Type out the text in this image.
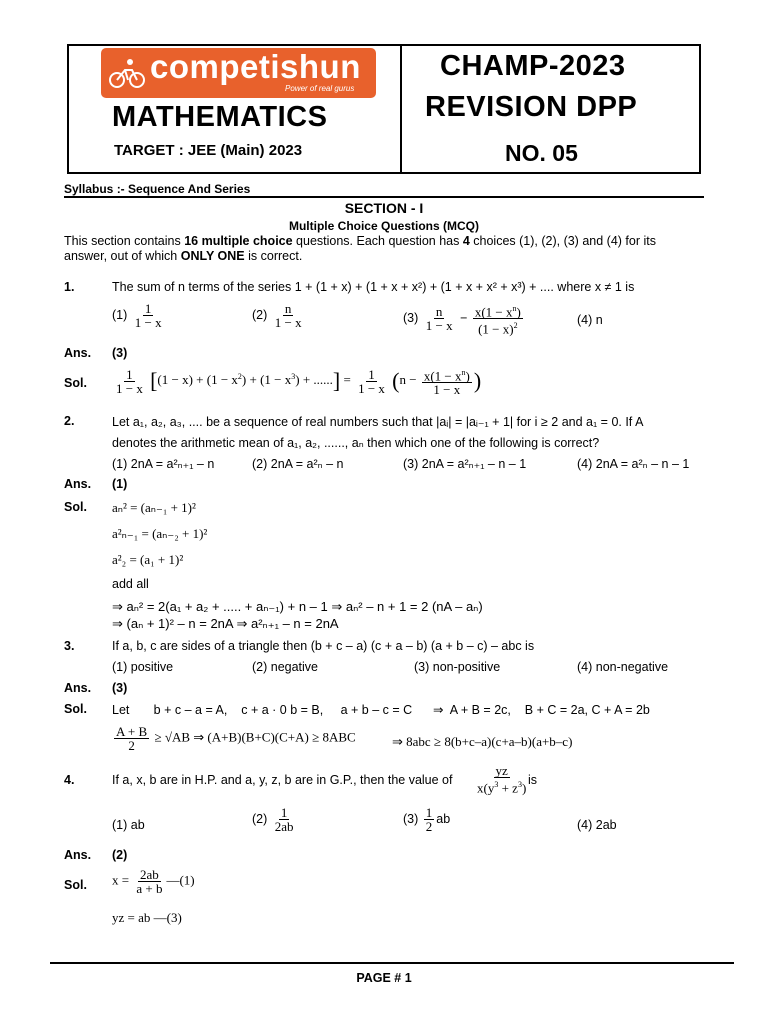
competishun
Power of real gurus
MATHEMATICS
TARGET : JEE (Main) 2023
CHAMP-2023
REVISION DPP
NO. 05
Syllabus :- Sequence And Series
SECTION - I
Multiple Choice Questions (MCQ)
This section contains 16 multiple choice questions. Each question has 4 choices (1), (2), (3) and (4) for its
answer, out of which ONLY ONE is correct.
1.	The sum of n terms of the series 1 + (1 + x) + (1 + x + x²) + (1 + x + x² + x³) + .... where x ≠ 1 is
$(1) \frac{1}{1 - x}$	$(2) \frac{n}{1 - x}$	$(3) \frac{n}{1 - x} - \frac{x(1 - x^n)}{(1 - x)^2}$	(4) n
Ans. (3)
Sol. $\frac{1}{1 - x} [(1 - x) + (1 - x^2) + (1 - x^3)$ + ......] = $\frac{1}{1 - x} (n - \frac{x(1 - x^n)}{1 - x}$ )
2.	Let a₁, a₂, a₃, .... be a sequence of real numbers such that |aᵢ| = |aᵢ₋₁ + 1| for i ≥ 2 and a₁ = 0. If A
denotes the arithmetic mean of a₁, a₂, ......, aₙ then which one of the following is correct?
(1) 2nA = a²ₙ₊₁ – n	(2) 2nA = a²ₙ – n	(3) 2nA = a²ₙ₊₁ – n – 1	(4) 2nA = a²ₙ – n – 1
Ans. (1)
Sol. aₙ² = (aₙ₋₁ + 1)²
a²ₙ₋₁ = (aₙ₋₂ + 1)²
a²₂ = (a₁ + 1)²
add all
⇒ aₙ² = 2(a₁ + a₂ + ..... + aₙ₋₁) + n – 1 ⇒ aₙ² – n + 1 = 2 (nA – aₙ)
⇒ (aₙ + 1)² – n = 2nA ⇒ a²ₙ₊₁ – n = 2nA
3.	If a, b, c are sides of a triangle then (b + c – a) (c + a – b) (a + b – c) – abc is
(1) positive	(2) negative	(3) non-positive	(4) non-negative
Ans. (3)
Sol. Let       b + c – a = A,    c + a · 0 b = B,     a + b – c = C      ⇒  A + B = 2c,    B + C = 2a, C + A = 2b
$\frac{A + B}{2} \ge √AB$ ⇒ (A+B)(B+C)(C+A) ≥ 8ABC	⇒ 8abc ≥ 8(b+c–a)(c+a–b)(a+b–c)
4.	If a, x, b are in H.P. and a, y, z, b are in G.P., then the value of $\frac{yz}{x(y^3 + z^3)}$ is
(1) ab	$(2) \frac{1}{2ab}$	$(3) \frac{1}{2}$ ab	(4) 2ab
Ans. (2)
Sol. $x = \frac{2ab}{a + b}$ —(1)
yz = ab —(3)
PAGE # 1
